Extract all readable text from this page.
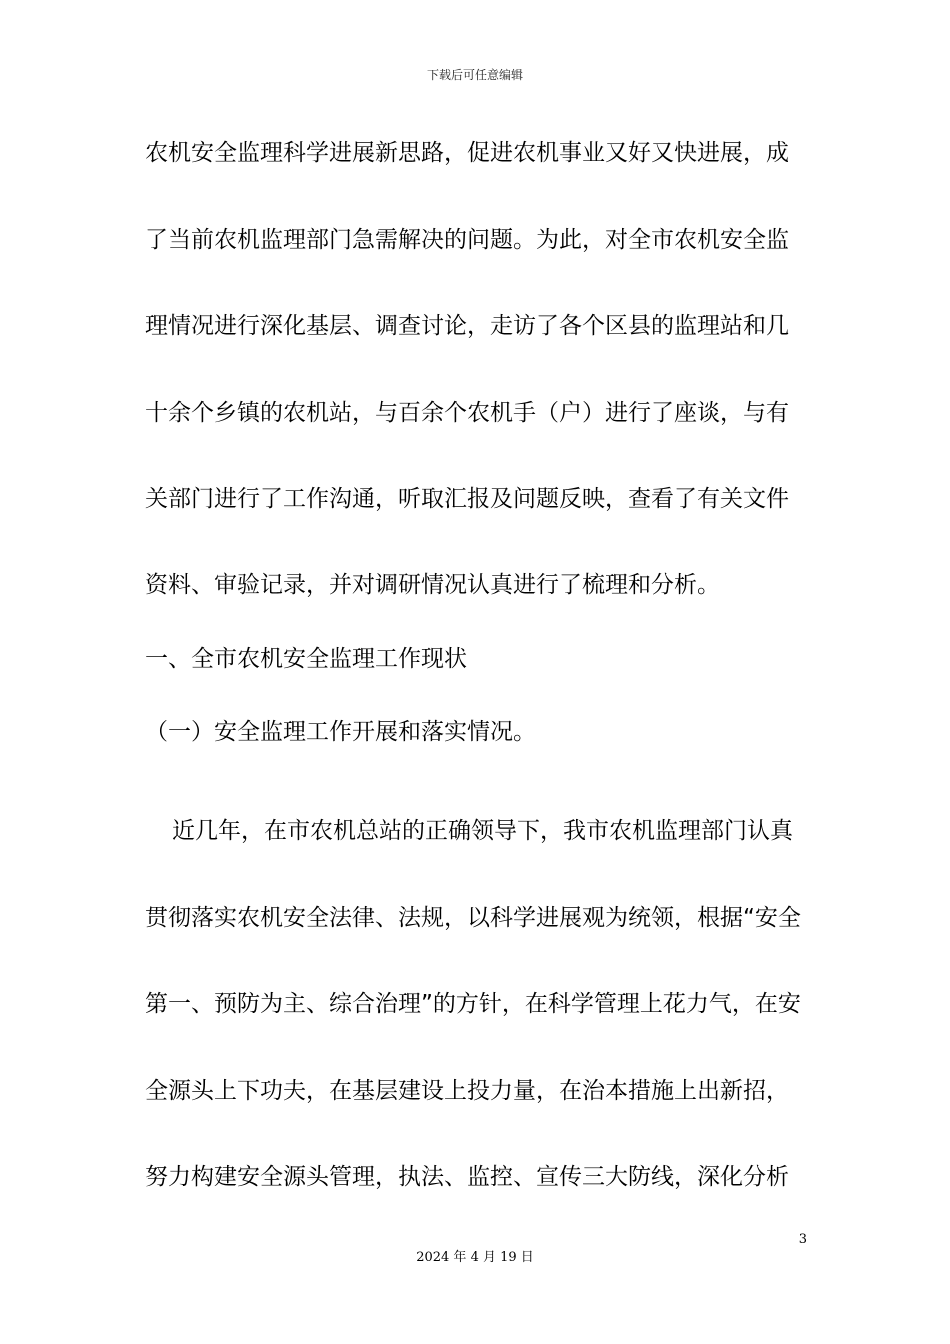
下载后可任意编辑
农机安全监理科学进展新思路，促进农机事业又好又快进展，成
了当前农机监理部门急需解决的问题。为此，对全市农机安全监
理情况进行深化基层、调查讨论，走访了各个区县的监理站和几
十余个乡镇的农机站，与百余个农机手（户）进行了座谈，与有
关部门进行了工作沟通，听取汇报及问题反映，查看了有关文件
资料、审验记录，并对调研情况认真进行了梳理和分析。
一、全市农机安全监理工作现状
（一）安全监理工作开展和落实情况。
近几年，在市农机总站的正确领导下，我市农机监理部门认真
贯彻落实农机安全法律、法规，以科学进展观为统领，根据“安全
第一、预防为主、综合治理”的方针，在科学管理上花力气，在安
全源头上下功夫，在基层建设上投力量，在治本措施上出新招，
努力构建安全源头管理，执法、监控、宣传三大防线，深化分析
3
2024 年 4 月 19 日
